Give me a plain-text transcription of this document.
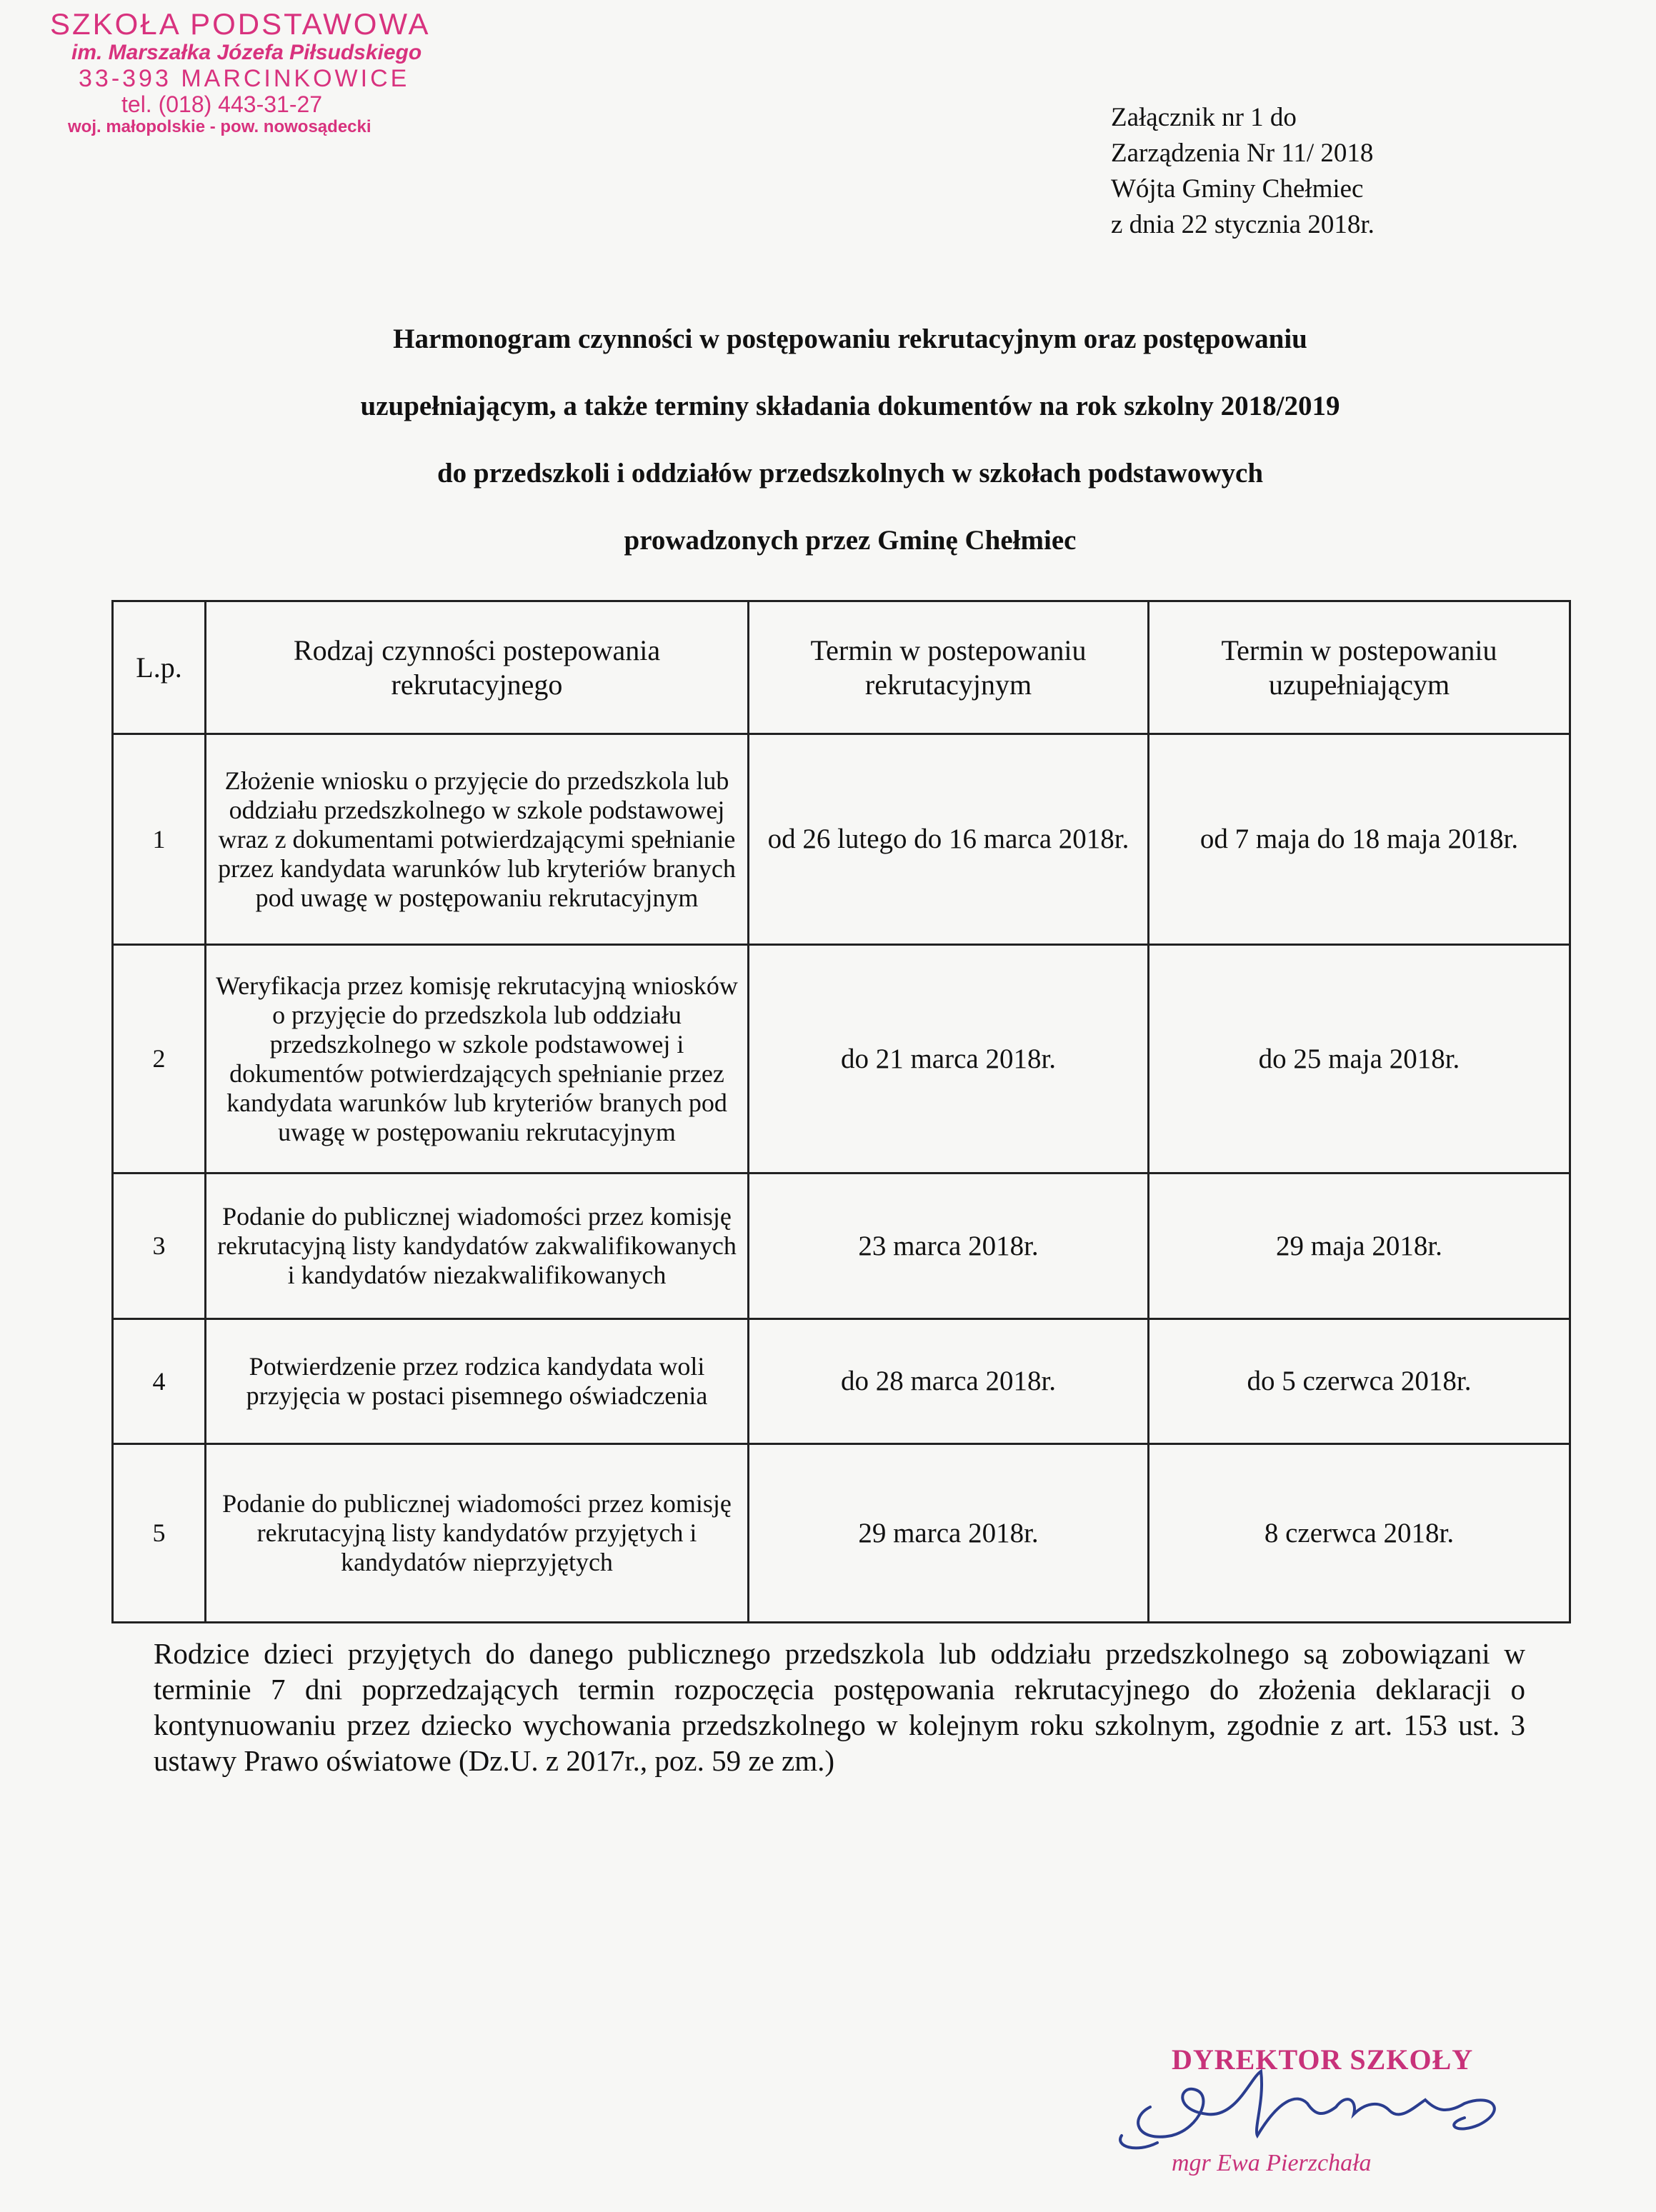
SZKOŁA PODSTAWOWA
im. Marszałka Józefa Piłsudskiego
33-393 MARCINKOWICE
tel. (018) 443-31-27
woj. małopolskie - pow. nowosądecki	Załącznik nr 1 do
Zarządzenia Nr 11/ 2018
Wójta Gminy Chełmiec
z dnia 22 stycznia 2018r.
Harmonogram czynności w postępowaniu rekrutacyjnym oraz postępowaniu
uzupełniającym, a także terminy składania dokumentów na rok szkolny 2018/2019
do przedszkoli i oddziałów przedszkolnych w szkołach podstawowych
prowadzonych przez Gminę Chełmiec
L.p.	Rodzaj czynności postepowania rekrutacyjnego	Termin w postepowaniu rekrutacyjnym	Termin w postepowaniu uzupełniającym
1	Złożenie wniosku o przyjęcie do przedszkola lub oddziału przedszkolnego w szkole podstawowej wraz z dokumentami potwierdzającymi spełnianie przez kandydata warunków lub kryteriów branych pod uwagę w postępowaniu rekrutacyjnym	od 26 lutego do 16 marca 2018r.	od 7 maja do 18 maja 2018r.
2	Weryfikacja przez komisję rekrutacyjną wniosków o przyjęcie do przedszkola lub oddziału przedszkolnego w szkole podstawowej i dokumentów potwierdzających spełnianie przez kandydata warunków lub kryteriów branych pod uwagę w postępowaniu rekrutacyjnym	do 21 marca 2018r.	do 25 maja 2018r.
3	Podanie do publicznej wiadomości przez komisję rekrutacyjną listy kandydatów zakwalifikowanych i kandydatów niezakwalifikowanych	23 marca 2018r.	29 maja 2018r.
4	Potwierdzenie przez rodzica kandydata woli przyjęcia w postaci pisemnego oświadczenia	do 28 marca 2018r.	do 5 czerwca 2018r.
5	Podanie do publicznej wiadomości przez komisję rekrutacyjną listy kandydatów przyjętych i kandydatów nieprzyjętych	29 marca 2018r.	8 czerwca 2018r.
Rodzice dzieci przyjętych do danego publicznego przedszkola lub oddziału przedszkolnego są zobowiązani w terminie 7 dni poprzedzających termin rozpoczęcia postępowania rekrutacyjnego do złożenia deklaracji o kontynuowaniu przez dziecko wychowania przedszkolnego w kolejnym roku szkolnym, zgodnie z art. 153 ust. 3 ustawy Prawo oświatowe (Dz.U. z 2017r., poz. 59 ze zm.)
DYREKTOR SZKOŁY
mgr Ewa Pierzchała
